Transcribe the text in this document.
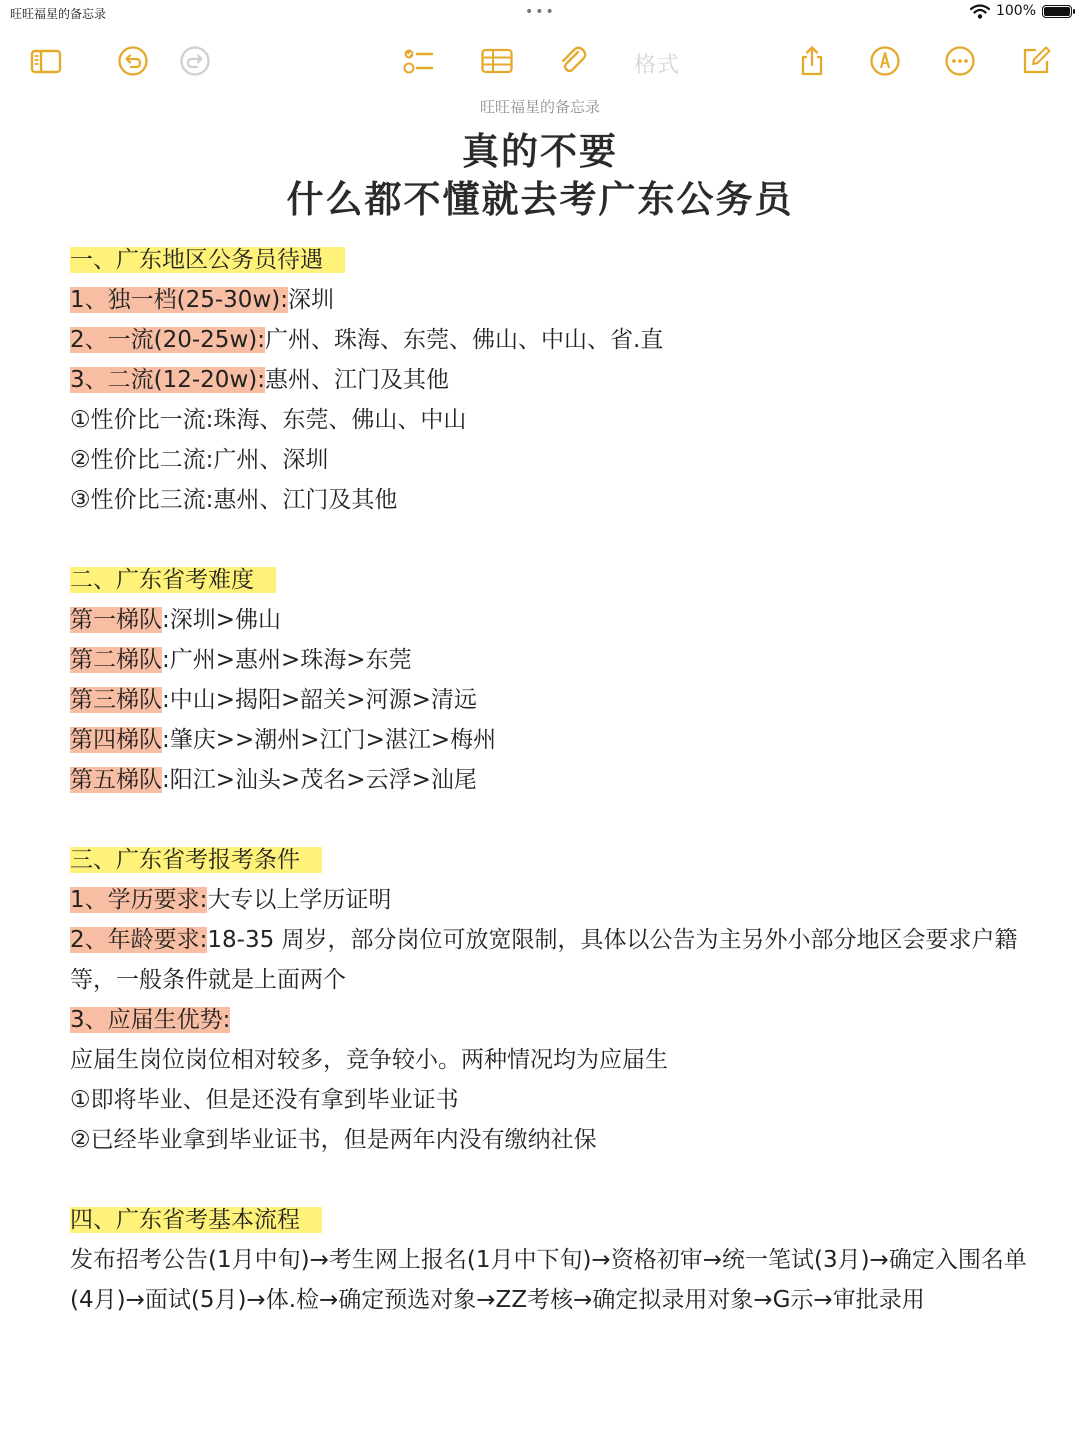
旺旺福星的备忘录	•••	100%
格式
旺旺福星的备忘录
真的不要
什么都不懂就去考广东公务员
一、广东地区公务员待遇
1、独一档(25-30w):深圳
2、一流(20-25w):广州、珠海、东莞、佛山、中山、省.直
3、二流(12-20w):惠州、江门及其他
①性价比一流:珠海、东莞、佛山、中山
②性价比二流:广州、深圳
③性价比三流:惠州、江门及其他
二、广东省考难度
第一梯队:深圳>佛山
第二梯队:广州>惠州>珠海>东莞
第三梯队:中山>揭阳>韶关>河源>清远
第四梯队:肇庆>>潮州>江门>湛江>梅州
第五梯队:阳江>汕头>茂名>云浮>汕尾
三、广东省考报考条件
1、学历要求:大专以上学历证明
2、年龄要求:18-35 周岁，部分岗位可放宽限制，具体以公告为主另外小部分地区会要求户籍等，一般条件就是上面两个
3、应届生优势:
应届生岗位岗位相对较多，竞争较小。两种情况均为应届生
①即将毕业、但是还没有拿到毕业证书
②已经毕业拿到毕业证书，但是两年内没有缴纳社保
四、广东省考基本流程
发布招考公告(1月中旬)→考生网上报名(1月中下旬)→资格初审→统一笔试(3月)→确定入围名单(4月)→面试(5月)→体.检→确定预选对象→ZZ考核→确定拟录用对象→G示→审批录用
